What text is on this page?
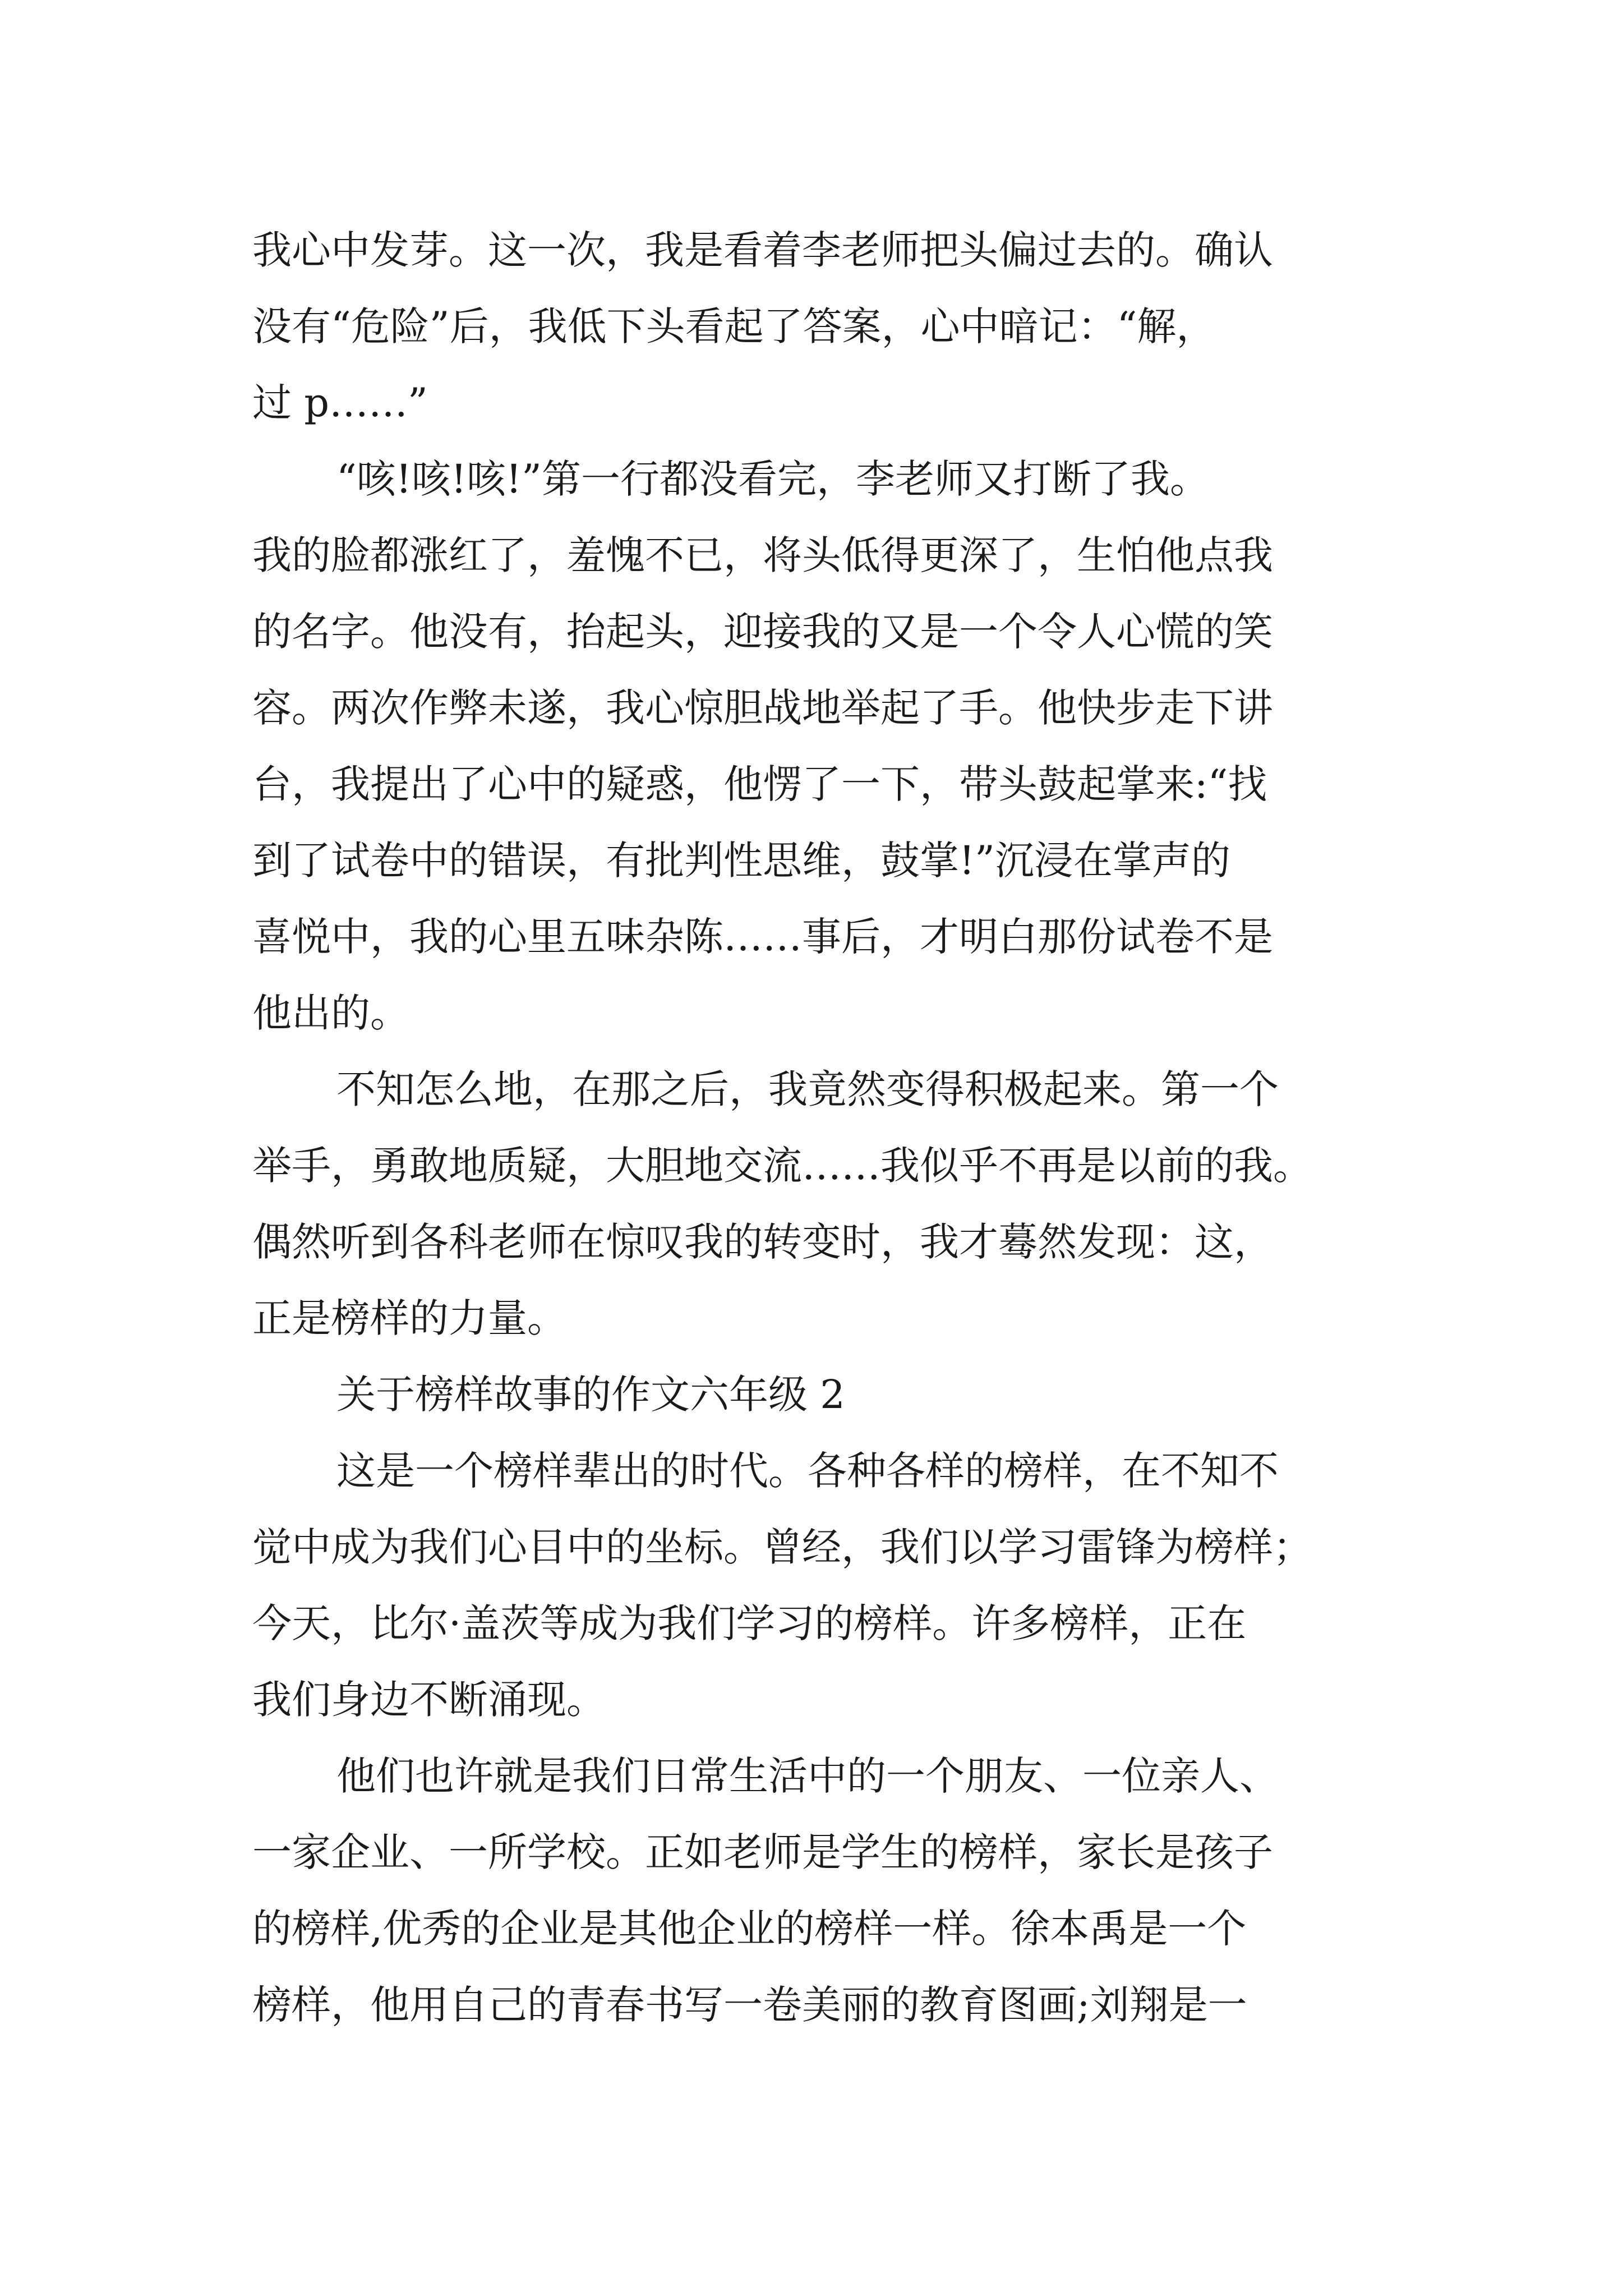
我心中发芽。这一次，我是看着李老师把头偏过去的。确认
没有“危险”后，我低下头看起了答案，心中暗记：“解，
过 p……”
“咳!咳!咳!”第一行都没看完，李老师又打断了我。
我的脸都涨红了，羞愧不已，将头低得更深了，生怕他点我
的名字。他没有，抬起头，迎接我的又是一个令人心慌的笑
容。两次作弊未遂，我心惊胆战地举起了手。他快步走下讲
台，我提出了心中的疑惑，他愣了一下，带头鼓起掌来:“找
到了试卷中的错误，有批判性思维，鼓掌!”沉浸在掌声的
喜悦中，我的心里五味杂陈……事后，才明白那份试卷不是
他出的。
不知怎么地，在那之后，我竟然变得积极起来。第一个
举手，勇敢地质疑，大胆地交流……我似乎不再是以前的我。
偶然听到各科老师在惊叹我的转变时，我才蓦然发现：这，
正是榜样的力量。
关于榜样故事的作文六年级 2
这是一个榜样辈出的时代。各种各样的榜样，在不知不
觉中成为我们心目中的坐标。曾经，我们以学习雷锋为榜样；
今天，比尔·盖茨等成为我们学习的榜样。许多榜样，正在
我们身边不断涌现。
他们也许就是我们日常生活中的一个朋友、一位亲人、
一家企业、一所学校。正如老师是学生的榜样，家长是孩子
的榜样,优秀的企业是其他企业的榜样一样。徐本禹是一个
榜样，他用自己的青春书写一卷美丽的教育图画;刘翔是一
